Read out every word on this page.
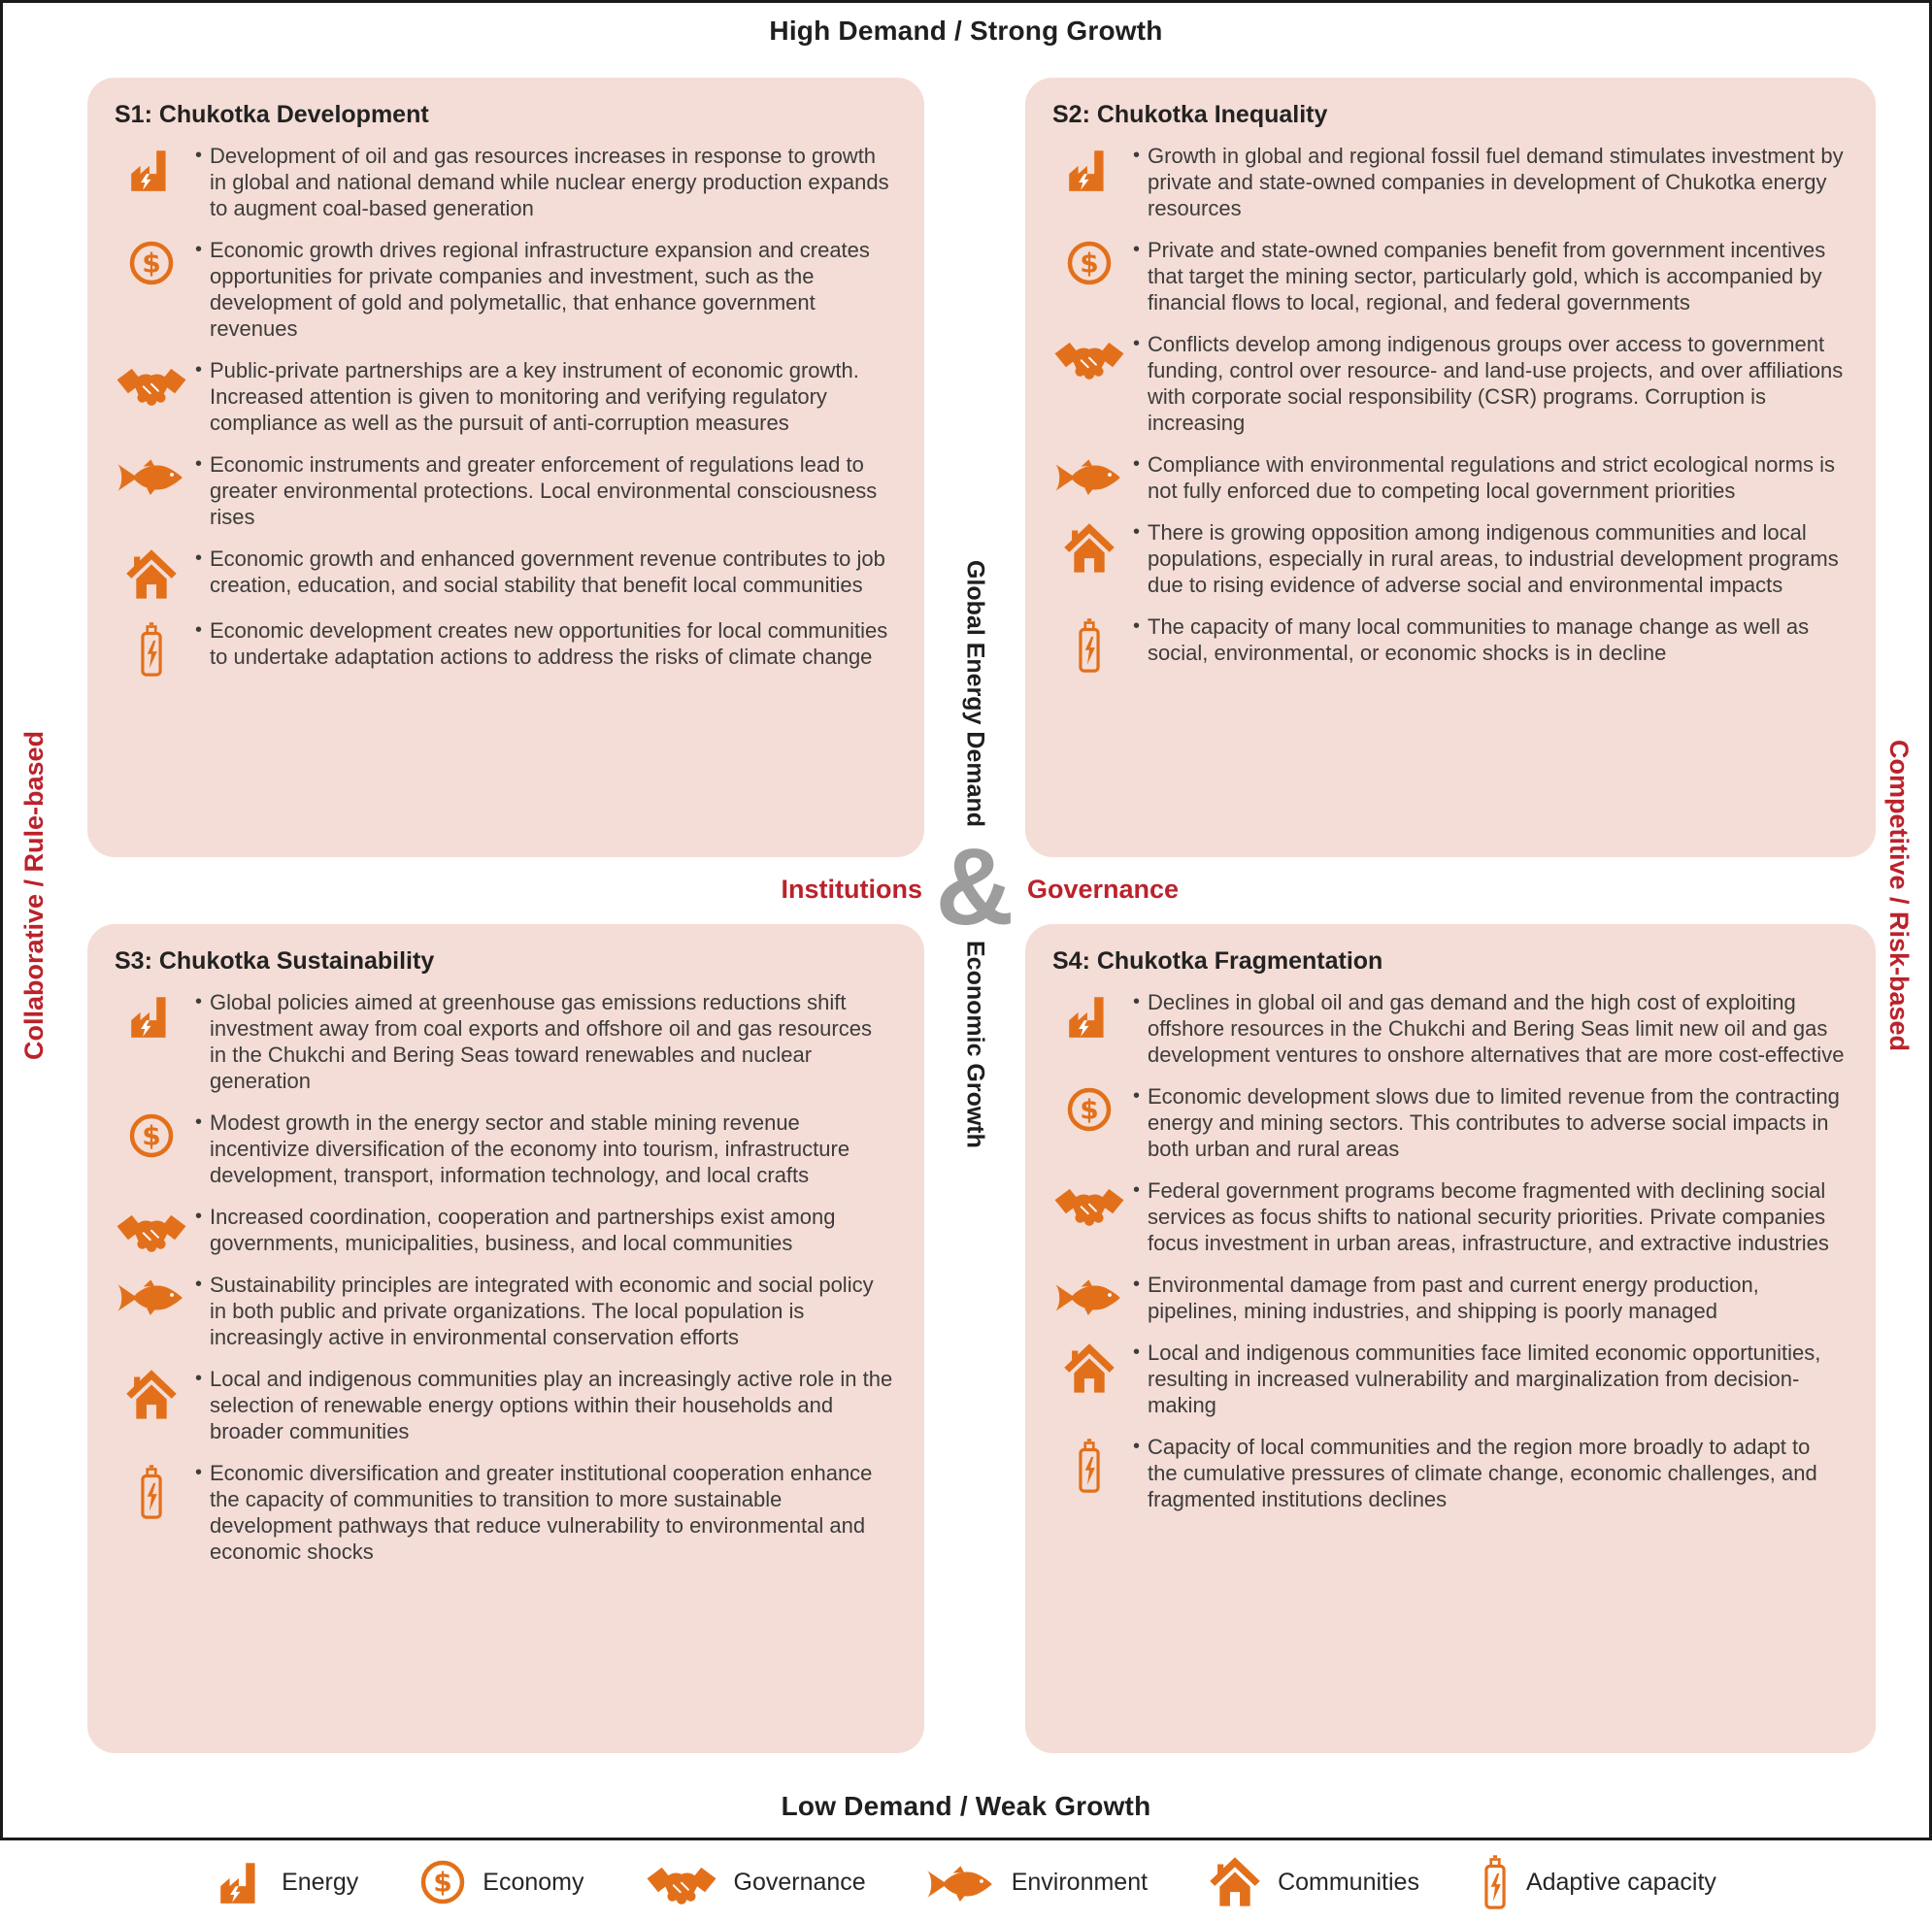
High Demand / Strong Growth
Low Demand / Weak Growth
Collaborative / Rule-based	Competitive / Risk-based
Global Energy Demand
Economic Growth
Institutions & Governance
S1: Chukotka Development

• Development of oil and gas resources increases in response to growth in global and national demand while nuclear energy production expands to augment coal-based generation

$	• Economic growth drives regional infrastructure expansion and creates opportunities for private companies and investment, such as the development of gold and polymetallic, that enhance government revenues

• Public-private partnerships are a key instrument of economic growth. Increased attention is given to monitoring and verifying regulatory compliance as well as the pursuit of anti-corruption measures

• Economic instruments and greater enforcement of regulations lead to greater environmental protections. Local environmental consciousness rises

• Economic growth and enhanced government revenue contributes to job creation, education, and social stability that benefit local communities

• Economic development creates new opportunities for local communities to undertake adaptation actions to address the risks of climate change

S2: Chukotka Inequality

• Growth in global and regional fossil fuel demand stimulates investment by private and state-owned companies in development of Chukotka energy resources

$	• Private and state-owned companies benefit from government incentives that target the mining sector, particularly gold, which is accompanied by financial flows to local, regional, and federal governments

• Conflicts develop among indigenous groups over access to government funding, control over resource- and land-use projects, and over affiliations with corporate social responsibility (CSR) programs. Corruption is increasing

• Compliance with environmental regulations and strict ecological norms is not fully enforced due to competing local government priorities

• There is growing opposition among indigenous communities and local populations, especially in rural areas, to industrial development programs due to rising evidence of adverse social and environmental impacts

• The capacity of many local communities to manage change as well as social, environmental, or economic shocks is in decline

S3: Chukotka Sustainability

• Global policies aimed at greenhouse gas emissions reductions shift investment away from coal exports and offshore oil and gas resources in the Chukchi and Bering Seas toward renewables and nuclear generation

$	• Modest growth in the energy sector and stable mining revenue incentivize diversification of the economy into tourism, infrastructure development, transport, information technology, and local crafts

• Increased coordination, cooperation and partnerships exist among governments, municipalities, business, and local communities

• Sustainability principles are integrated with economic and social policy in both public and private organizations. The local population is increasingly active in environmental conservation efforts

• Local and indigenous communities play an increasingly active role in the selection of renewable energy options within their households and broader communities

• Economic diversification and greater institutional cooperation enhance the capacity of communities to transition to more sustainable development pathways that reduce vulnerability to environmental and economic shocks

S4: Chukotka Fragmentation

• Declines in global oil and gas demand and the high cost of exploiting offshore resources in the Chukchi and Bering Seas limit new oil and gas development ventures to onshore alternatives that are more cost-effective

$	• Economic development slows due to limited revenue from the contracting energy and mining sectors. This contributes to adverse social impacts in both urban and rural areas

• Federal government programs become fragmented with declining social services as focus shifts to national security priorities. Private companies focus investment in urban areas, infrastructure, and extractive industries

• Environmental damage from past and current energy production, pipelines, mining industries, and shipping is poorly managed

• Local and indigenous communities face limited economic opportunities, resulting in increased vulnerability and marginalization from decision-making

• Capacity of local communities and the region more broadly to adapt to the cumulative pressures of climate change, economic challenges, and fragmented institutions declines

Energy $ Economy	Governance	Environment	Communities	Adaptive capacity
